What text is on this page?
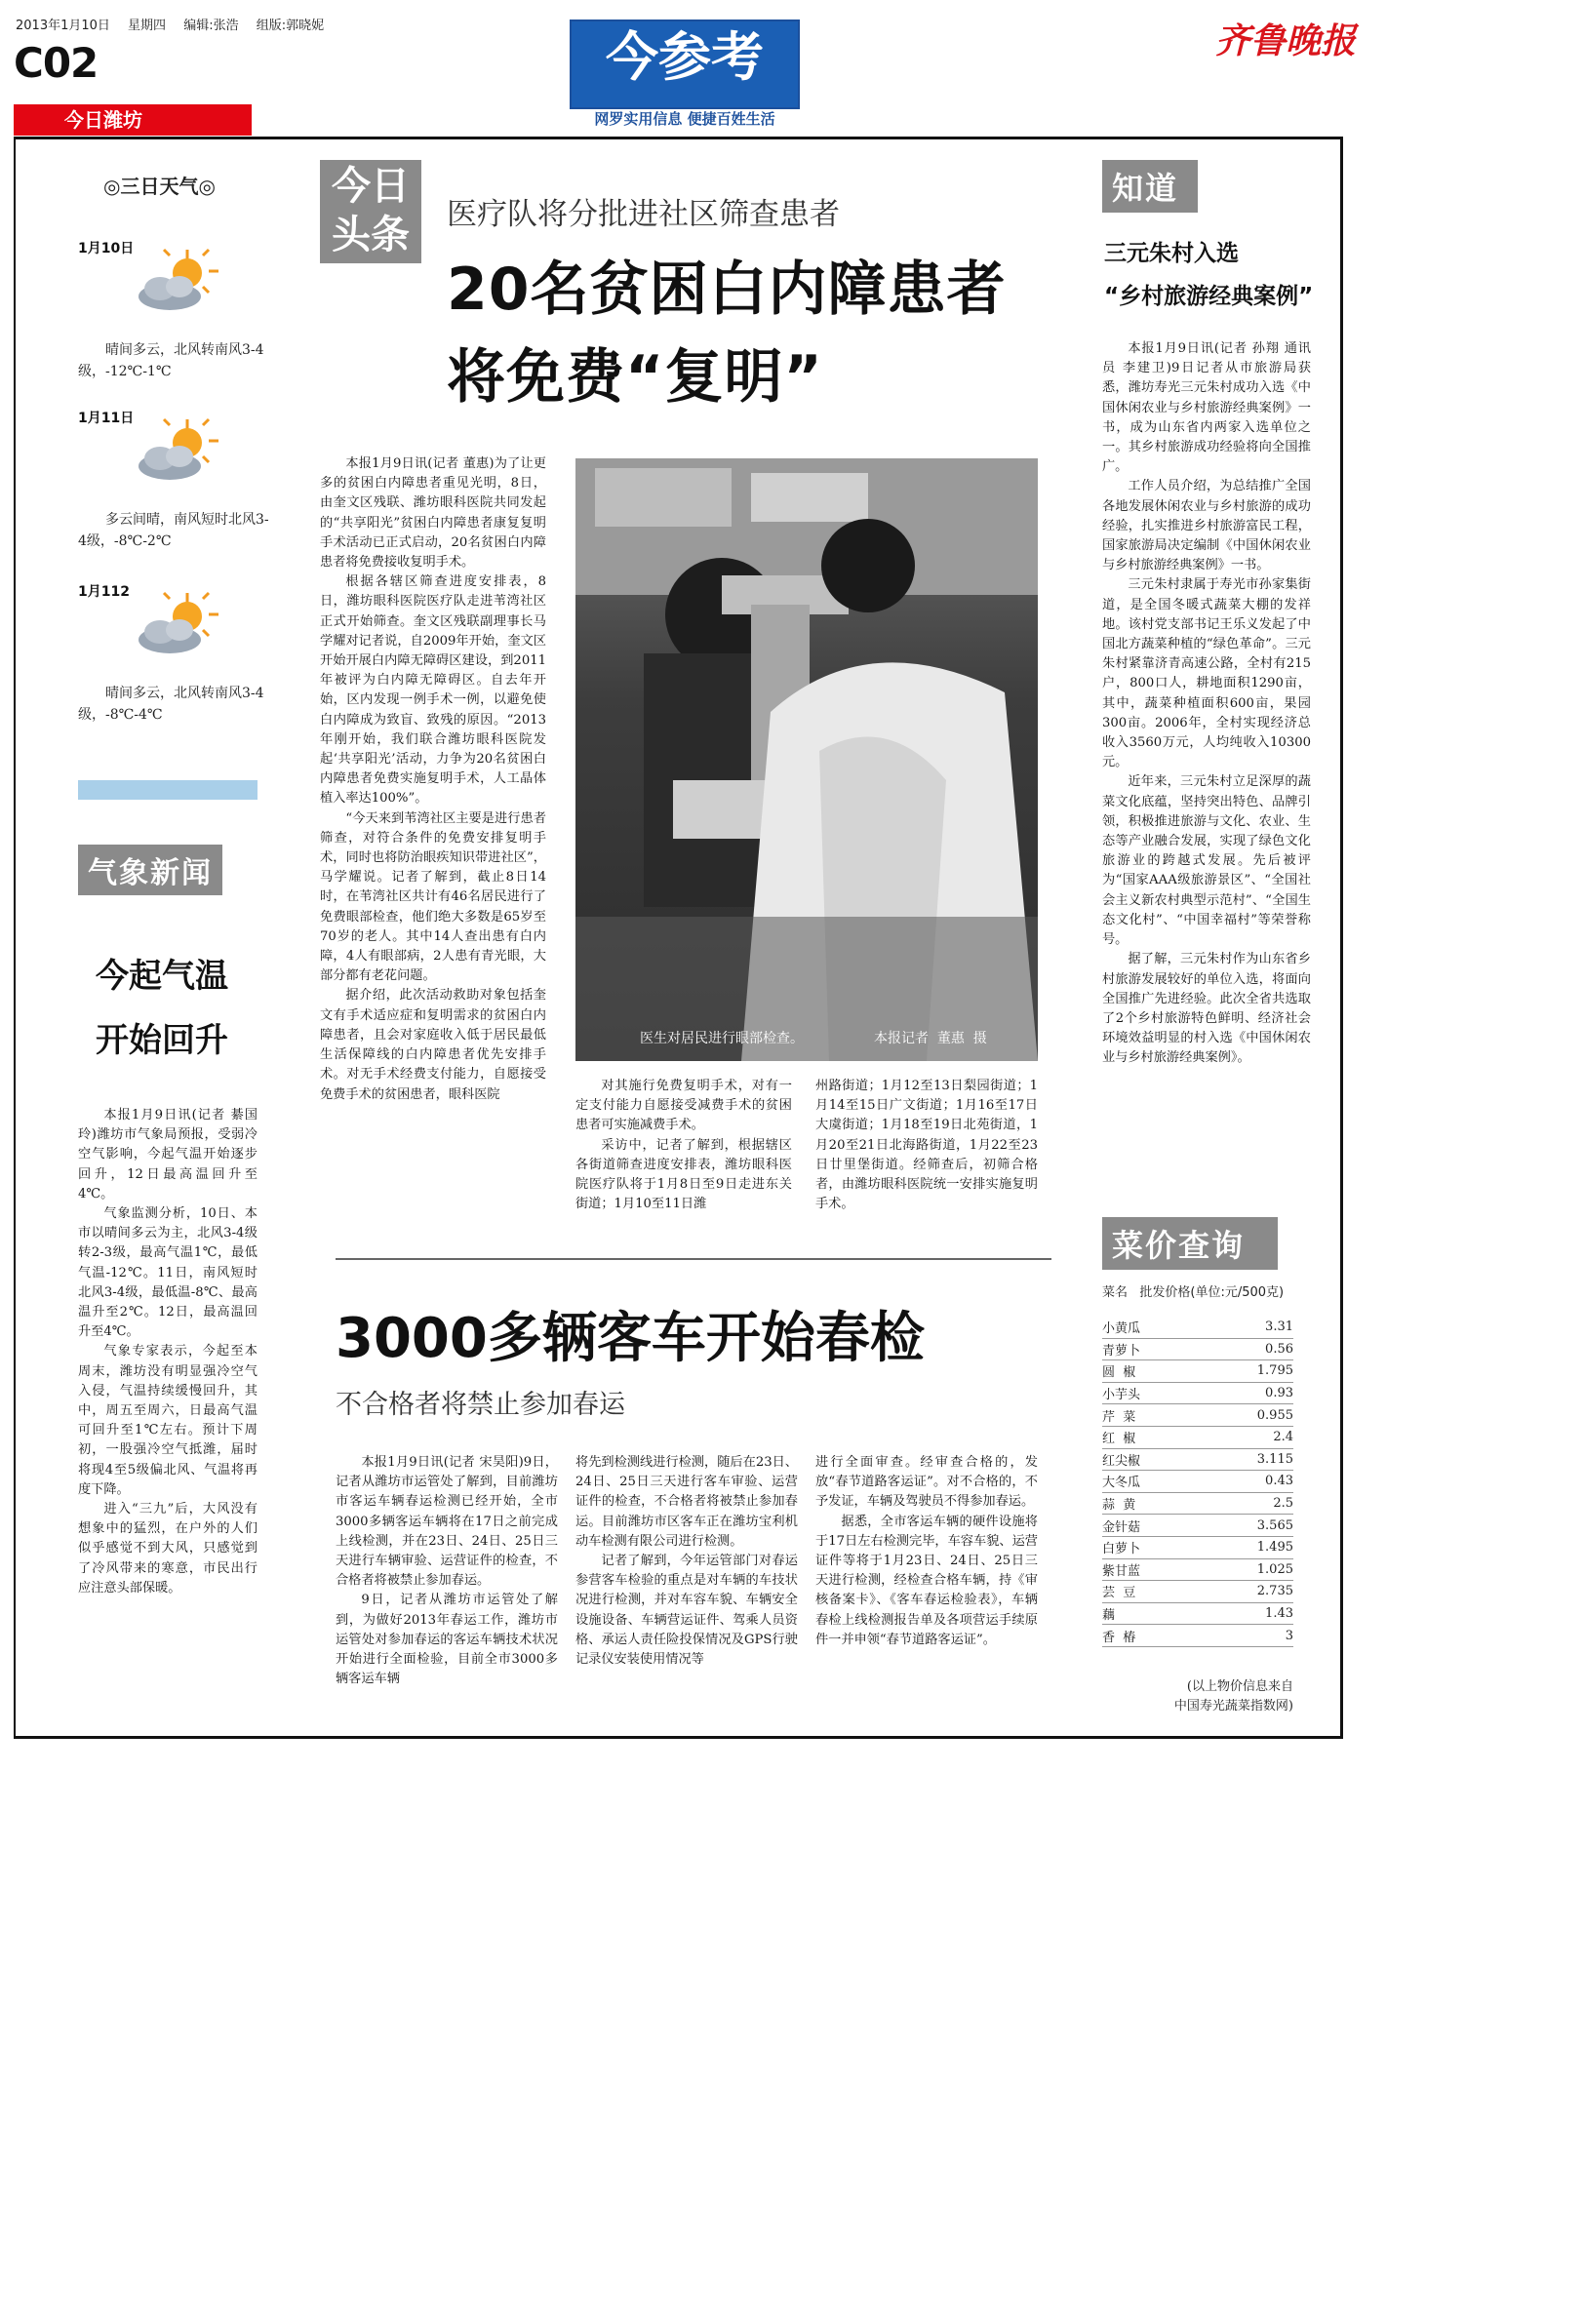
2013年1月10日 星期四 编辑:张浩 组版:郭晓妮
C02
今日潍坊
今参考
网罗实用信息 便捷百姓生活
齐鲁晚报
◎三日天气◎
1月10日
晴间多云，北风转南风3-4级，-12℃-1℃
1月11日
多云间晴，南风短时北风3-4级，-8℃-2℃
1月112
晴间多云，北风转南风3-4级，-8℃-4℃
气象新闻
今起气温
开始回升

本报1月9日讯(记者 綦国玲)潍坊市气象局预报，受弱冷空气影响，今起气温开始逐步回升，12日最高温回升至4℃。

气象监测分析，10日、本市以晴间多云为主，北风3-4级转2-3级，最高气温1℃，最低气温-12℃。11日，南风短时北风3-4级，最低温-8℃、最高温升至2℃。12日，最高温回升至4℃。

气象专家表示，今起至本周末，潍坊没有明显强冷空气入侵，气温持续缓慢回升，其中，周五至周六，日最高气温可回升至1℃左右。预计下周初，一股强冷空气抵潍，届时将现4至5级偏北风、气温将再度下降。

进入“三九”后，大风没有想象中的猛烈，在户外的人们似乎感觉不到大风，只感觉到了冷风带来的寒意，市民出行应注意头部保暖。

今日头条	医疗队将分批进社区筛查患者
20名贫困白内障患者
将免费“复明”

本报1月9日讯(记者 董惠)为了让更多的贫困白内障患者重见光明，8日，由奎文区残联、潍坊眼科医院共同发起的“共享阳光”贫困白内障患者康复复明手术活动已正式启动，20名贫困白内障患者将免费接收复明手术。

根据各辖区筛查进度安排表，8日，潍坊眼科医院医疗队走进苇湾社区正式开始筛查。奎文区残联副理事长马学耀对记者说，自2009年开始，奎文区开始开展白内障无障碍区建设，到2011年被评为白内障无障碍区。自去年开始，区内发现一例手术一例，以避免使白内障成为致盲、致残的原因。“2013年刚开始，我们联合潍坊眼科医院发起‘共享阳光’活动，力争为20名贫困白内障患者免费实施复明手术，人工晶体植入率达100%”。

“今天来到苇湾社区主要是进行患者筛查，对符合条件的免费安排复明手术，同时也将防治眼疾知识带进社区”，马学耀说。记者了解到，截止8日14时，在苇湾社区共计有46名居民进行了免费眼部检查，他们绝大多数是65岁至70岁的老人。其中14人查出患有白内障，4人有眼部病，2人患有青光眼，大部分都有老花问题。

据介绍，此次活动救助对象包括奎文有手术适应症和复明需求的贫困白内障患者，且会对家庭收入低于居民最低生活保障线的白内障患者优先安排手术。对无手术经费支付能力，自愿接受免费手术的贫困患者，眼科医院

医生对居民进行眼部检查。	本报记者  董惠  摄

对其施行免费复明手术，对有一定支付能力自愿接受减费手术的贫困患者可实施减费手术。

采访中，记者了解到，根据辖区各街道筛查进度安排表，潍坊眼科医院医疗队将于1月8日至9日走进东关街道；1月10至11日潍

州路街道；1月12至13日梨园街道；1月14至15日广文街道；1月16至17日大虞街道；1月18至19日北苑街道，1月20至21日北海路街道，1月22至23日廿里堡街道。经筛查后，初筛合格者，由潍坊眼科医院统一安排实施复明手术。

3000多辆客车开始春检
不合格者将禁止参加春运

本报1月9日讯(记者 宋昊阳)9日，记者从潍坊市运管处了解到，目前潍坊市客运车辆春运检测已经开始，全市3000多辆客运车辆将在17日之前完成上线检测，并在23日、24日、25日三天进行车辆审验、运营证件的检查，不合格者将被禁止参加春运。

9日，记者从潍坊市运管处了解到，为做好2013年春运工作，潍坊市运管处对参加春运的客运车辆技术状况开始进行全面检验，目前全市3000多辆客运车辆

将先到检测线进行检测，随后在23日、24日、25日三天进行客车审验、运营证件的检查，不合格者将被禁止参加春运。目前潍坊市区客车正在潍坊宝利机动车检测有限公司进行检测。

记者了解到，今年运管部门对春运参营客车检验的重点是对车辆的车技状况进行检测，并对车容车貌、车辆安全设施设备、车辆营运证件、驾乘人员资格、承运人责任险投保情况及GPS行驶记录仪安装使用情况等

进行全面审查。经审查合格的，发放“春节道路客运证”。对不合格的，不予发证，车辆及驾驶员不得参加春运。

据悉，全市客运车辆的硬件设施将于17日左右检测完毕，车容车貌、运营证件等将于1月23日、24日、25日三天进行检测，经检查合格车辆，持《审核备案卡》、《客车春运检验表》，车辆春检上线检测报告单及各项营运手续原件一并申领“春节道路客运证”。

知道
三元朱村入选
“乡村旅游经典案例”

本报1月9日讯(记者 孙翔 通讯员 李建卫)9日记者从市旅游局获悉，潍坊寿光三元朱村成功入选《中国休闲农业与乡村旅游经典案例》一书，成为山东省内两家入选单位之一。其乡村旅游成功经验将向全国推广。

工作人员介绍，为总结推广全国各地发展休闲农业与乡村旅游的成功经验，扎实推进乡村旅游富民工程，国家旅游局决定编制《中国休闲农业与乡村旅游经典案例》一书。

三元朱村隶属于寿光市孙家集街道，是全国冬暖式蔬菜大棚的发祥地。该村党支部书记王乐义发起了中国北方蔬菜种植的“绿色革命”。三元朱村紧靠济青高速公路，全村有215户，800口人，耕地面积1290亩，其中，蔬菜种植面积600亩，果园300亩。2006年，全村实现经济总收入3560万元，人均纯收入10300元。

近年来，三元朱村立足深厚的蔬菜文化底蕴，坚持突出特色、品牌引领，积极推进旅游与文化、农业、生态等产业融合发展，实现了绿色文化旅游业的跨越式发展。先后被评为“国家AAA级旅游景区”、“全国社会主义新农村典型示范村”、“全国生态文化村”、“中国幸福村”等荣誉称号。

据了解，三元朱村作为山东省乡村旅游发展较好的单位入选，将面向全国推广先进经验。此次全省共选取了2个乡村旅游特色鲜明、经济社会环境效益明显的村入选《中国休闲农业与乡村旅游经典案例》。

菜价查询
菜名   批发价格(单位:元/500克)
小黄瓜	3.31
青萝卜	0.56
圆  椒	1.795
小芋头	0.93
芹  菜	0.955
红  椒	2.4
红尖椒	3.115
大冬瓜	0.43
蒜  黄	2.5
金针菇	3.565
白萝卜	1.495
紫甘蓝	1.025
芸  豆	2.735
藕	1.43
香  椿	3
(以上物价信息来自
中国寿光蔬菜指数网)
